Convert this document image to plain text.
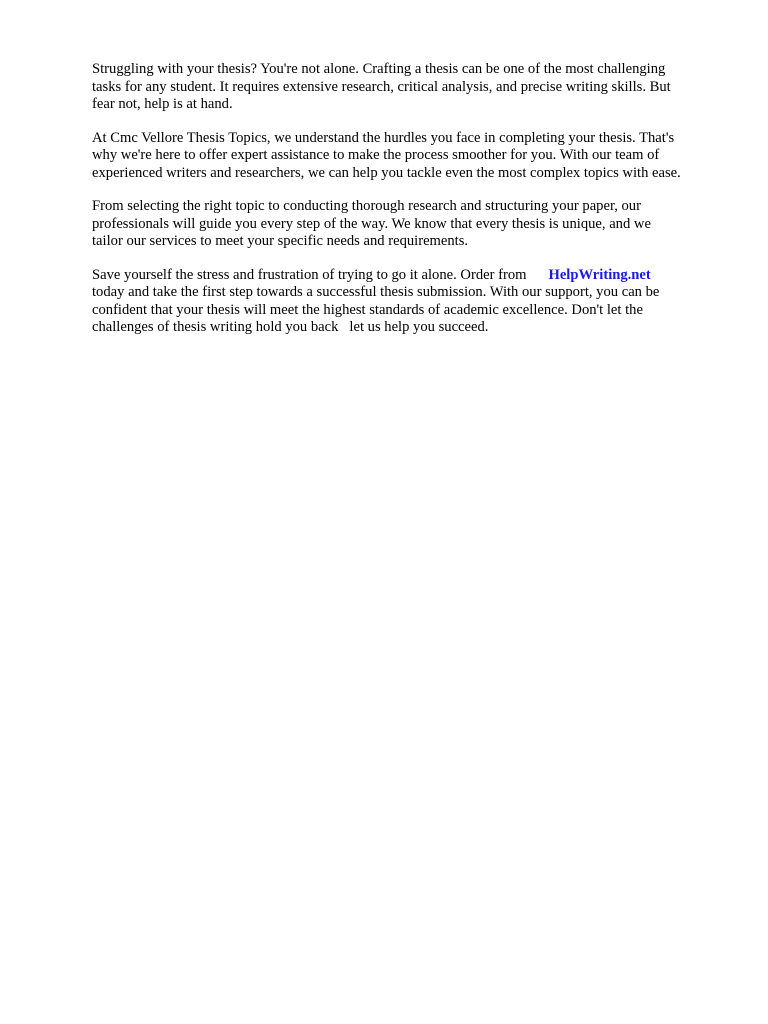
Struggling with your thesis? You're not alone. Crafting a thesis can be one of the most challenging
tasks for any student. It requires extensive research, critical analysis, and precise writing skills. But
fear not, help is at hand.

At Cmc Vellore Thesis Topics, we understand the hurdles you face in completing your thesis. That's
why we're here to offer expert assistance to make the process smoother for you. With our team of
experienced writers and researchers, we can help you tackle even the most complex topics with ease.

From selecting the right topic to conducting thorough research and structuring your paper, our
professionals will guide you every step of the way. We know that every thesis is unique, and we
tailor our services to meet your specific needs and requirements.

Save yourself the stress and frustration of trying to go it alone. Order from HelpWriting.net
today and take the first step towards a successful thesis submission. With our support, you can be
confident that your thesis will meet the highest standards of academic excellence. Don't let the
challenges of thesis writing hold you back let us help you succeed.
